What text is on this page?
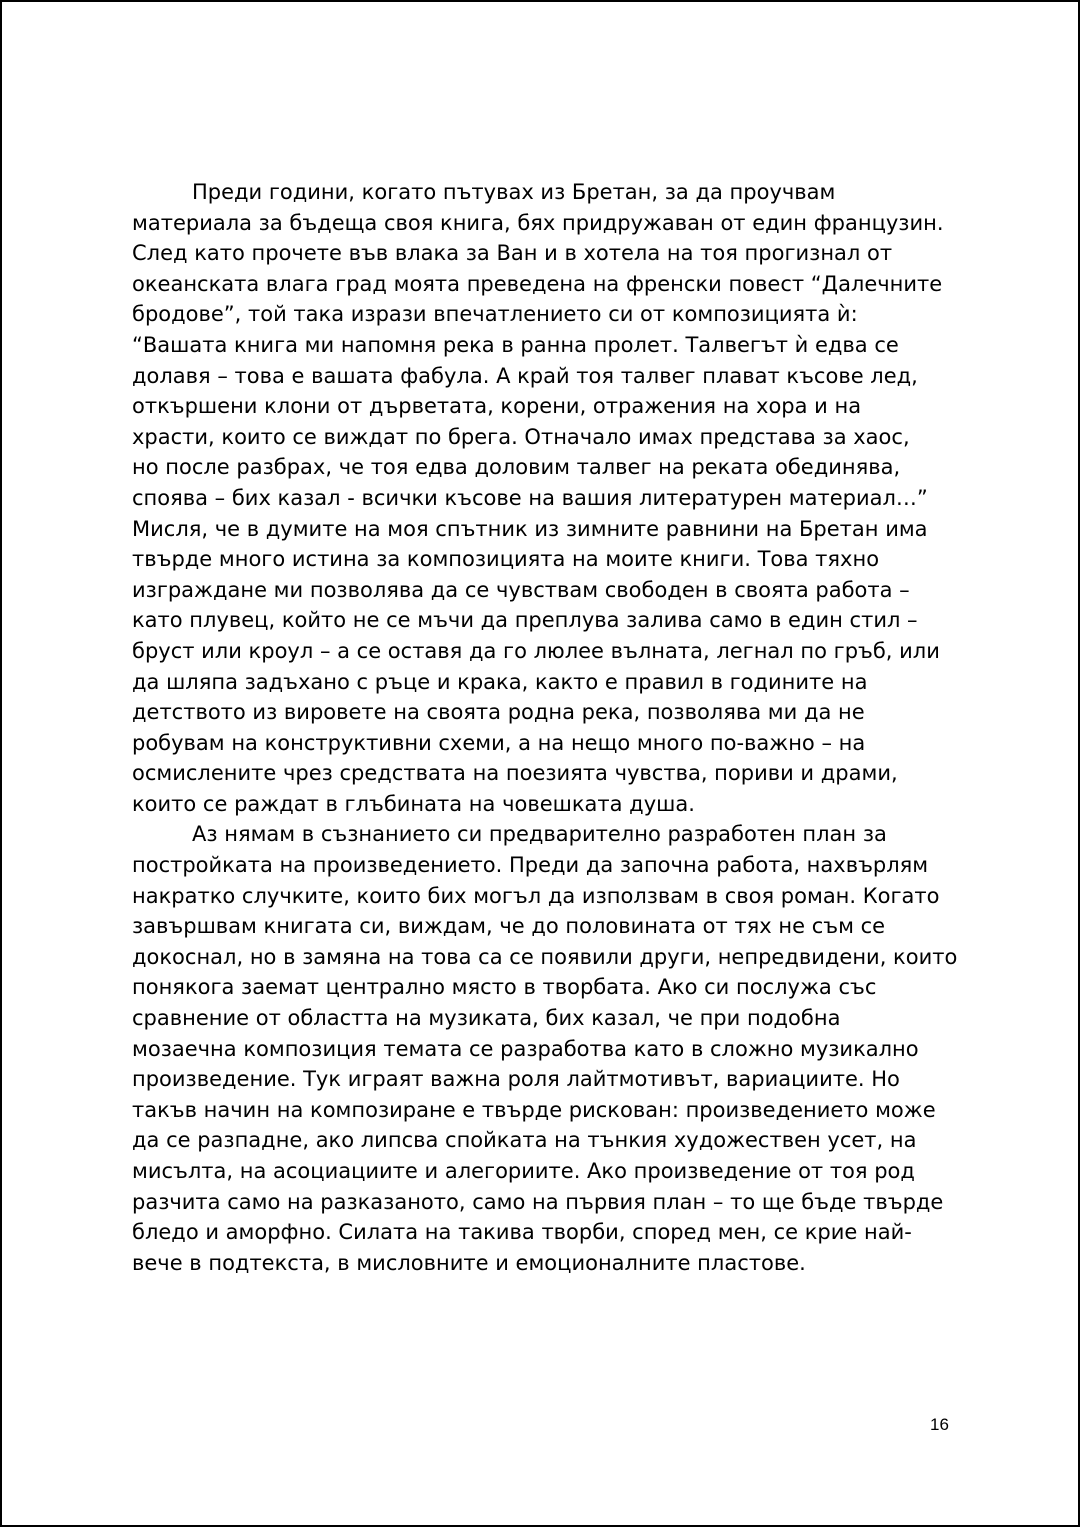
Преди години, когато пътувах из Бретан, за да проучвам
материала за бъдеща своя книга, бях придружаван от един французин.
След като прочете във влака за Ван и в хотела на тоя прогизнал от
океанската влага град моята преведена на френски повест “Далечните
бродове”, той така изрази впечатлението си от композицията ѝ:
“Вашата книга ми напомня река в ранна пролет. Талвегът ѝ едва се
долавя – това е вашата фабула. А край тоя талвег плават късове лед,
откършени клони от дърветата, корени, отражения на хора и на
храсти, които се виждат по брега. Отначало имах представа за хаос,
но после разбрах, че тоя едва доловим талвег на реката обединява,
спoява – бих казал - всички късове на вашия литературен материал…”
Мисля, че в думите на моя спътник из зимните равнини на Бретан има
твърде много истина за композицията на моите книги. Това тяхно
изграждане ми позволява да се чувствам свободен в своята работа –
като плувец, който не се мъчи да преплува залива само в един стил –
бруст или кроул – а се оставя да го люлее вълната, легнал по гръб, или
да шляпа задъхано с ръце и крака, както е правил в годините на
детството из вировете на своята родна река, позволява ми да не
робувам на конструктивни схеми, а на нещо много по-важно – на
осмислените чрез средствата на поезията чувства, пориви и драми,
които се раждат в глъбината на човешката душа.
Аз нямам в съзнанието си предварително разработен план за
постройката на произведението. Преди да започна работа, нахвърлям
накратко случките, които бих могъл да използвам в своя роман. Когато
завършвам книгата си, виждам, че до половината от тях не съм се
докоснал, но в замяна на това са се появили други, непредвидени, които
понякога заемат централно място в творбата. Ако си послужа със
сравнение от областта на музиката, бих казал, че при подобна
мозаечна композиция темата се разработва като в сложно музикално
произведение. Тук играят важна роля лайтмотивът, вариациите. Но
такъв начин на композиране е твърде рискован: произведението може
да се разпадне, ако липсва спойката на тънкия художествен усет, на
мисълта, на асоциациите и алегориите. Ако произведение от тоя род
разчита само на разказаното, само на първия план – то ще бъде твърде
бледо и аморфно. Силата на такива творби, според мен, се крие най-
вече в подтекста, в мисловните и емоционалните пластове.
16
